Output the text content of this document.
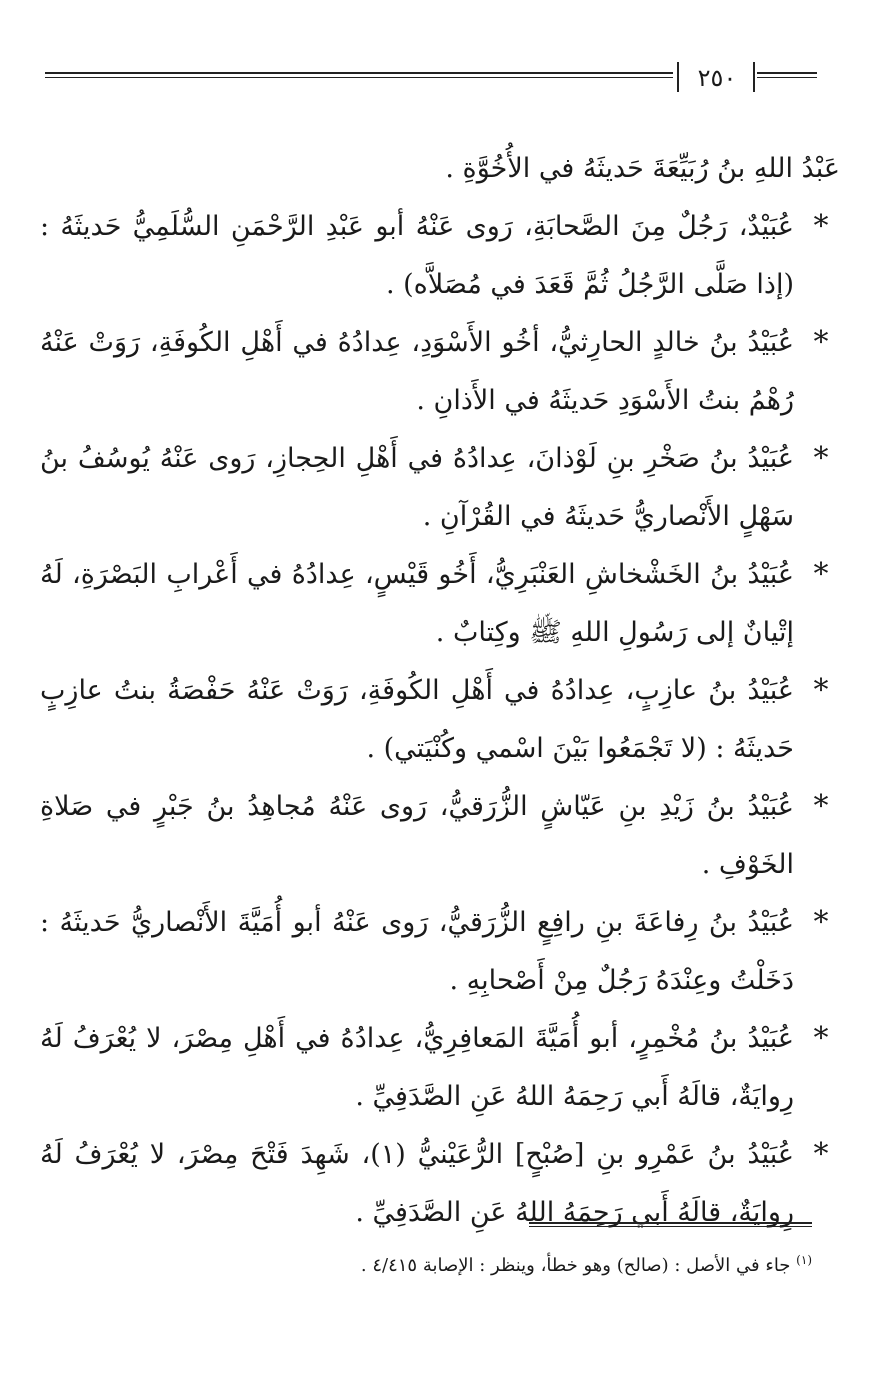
٢٥٠

عَبْدُ اللهِ بنُ رُبَيِّعَةَ حَديثَهُ في الأُخُوَّةِ .

*
عُبَيْدٌ، رَجُلٌ مِنَ الصَّحابَةِ، رَوى عَنْهُ أبو عَبْدِ الرَّحْمَنِ السُّلَمِيُّ حَديثَهُ : (إذا صَلَّى الرَّجُلُ ثُمَّ قَعَدَ في مُصَلاَّه) .
*
عُبَيْدُ بنُ خالدٍ الحارِثيُّ، أخُو الأَسْوَدِ، عِدادُهُ في أَهْلِ الكُوفَةِ، رَوَتْ عَنْهُ رُهْمُ بنتُ الأَسْوَدِ حَديثَهُ في الأَذانِ .
*
عُبَيْدُ بنُ صَخْرِ بنِ لَوْذانَ، عِدادُهُ في أَهْلِ الحِجازِ، رَوى عَنْهُ يُوسُفُ بنُ سَهْلٍ الأَنْصاريُّ حَديثَهُ في القُرْآنِ .
*
عُبَيْدُ بنُ الخَشْخاشِ العَنْبَرِيُّ، أَخُو قَيْسٍ، عِدادُهُ في أَعْرابِ البَصْرَةِ، لَهُ إتْيانٌ إلى رَسُولِ اللهِ ﷺ وكِتابٌ .
*
عُبَيْدُ بنُ عازِبٍ، عِدادُهُ في أَهْلِ الكُوفَةِ، رَوَتْ عَنْهُ حَفْصَةُ بنتُ عازِبٍ حَديثَهُ : (لا تَجْمَعُوا بَيْنَ اسْمي وكُنْيَتي) .
*
عُبَيْدُ بنُ زَيْدِ بنِ عَيّاشٍ الزُّرَقيُّ، رَوى عَنْهُ مُجاهِدُ بنُ جَبْرٍ في صَلاةِ الخَوْفِ .
*
عُبَيْدُ بنُ رِفاعَةَ بنِ رافِعٍ الزُّرَقيُّ، رَوى عَنْهُ أبو أُمَيَّةَ الأَنْصاريُّ حَديثَهُ : دَخَلْتُ وعِنْدَهُ رَجُلٌ مِنْ أَصْحابِهِ .
*
عُبَيْدُ بنُ مُخْمِرٍ، أبو أُمَيَّةَ المَعافِرِيُّ، عِدادُهُ في أَهْلِ مِصْرَ، لا يُعْرَفُ لَهُ رِوايَةٌ، قالَهُ أَبي رَحِمَهُ اللهُ عَنِ الصَّدَفِيِّ .
*
عُبَيْدُ بنُ عَمْرِو بنِ [صُبْحٍ] الرُّعَيْنيُّ (١)، شَهِدَ فَتْحَ مِصْرَ، لا يُعْرَفُ لَهُ رِوايَةٌ، قالَهُ أَبي رَحِمَهُ اللهُ عَنِ الصَّدَفِيِّ .
$^{(١)}$ جاء في الأصل : (صالح) وهو خطأ، وينظر : الإصابة ٤/٤١٥ .
